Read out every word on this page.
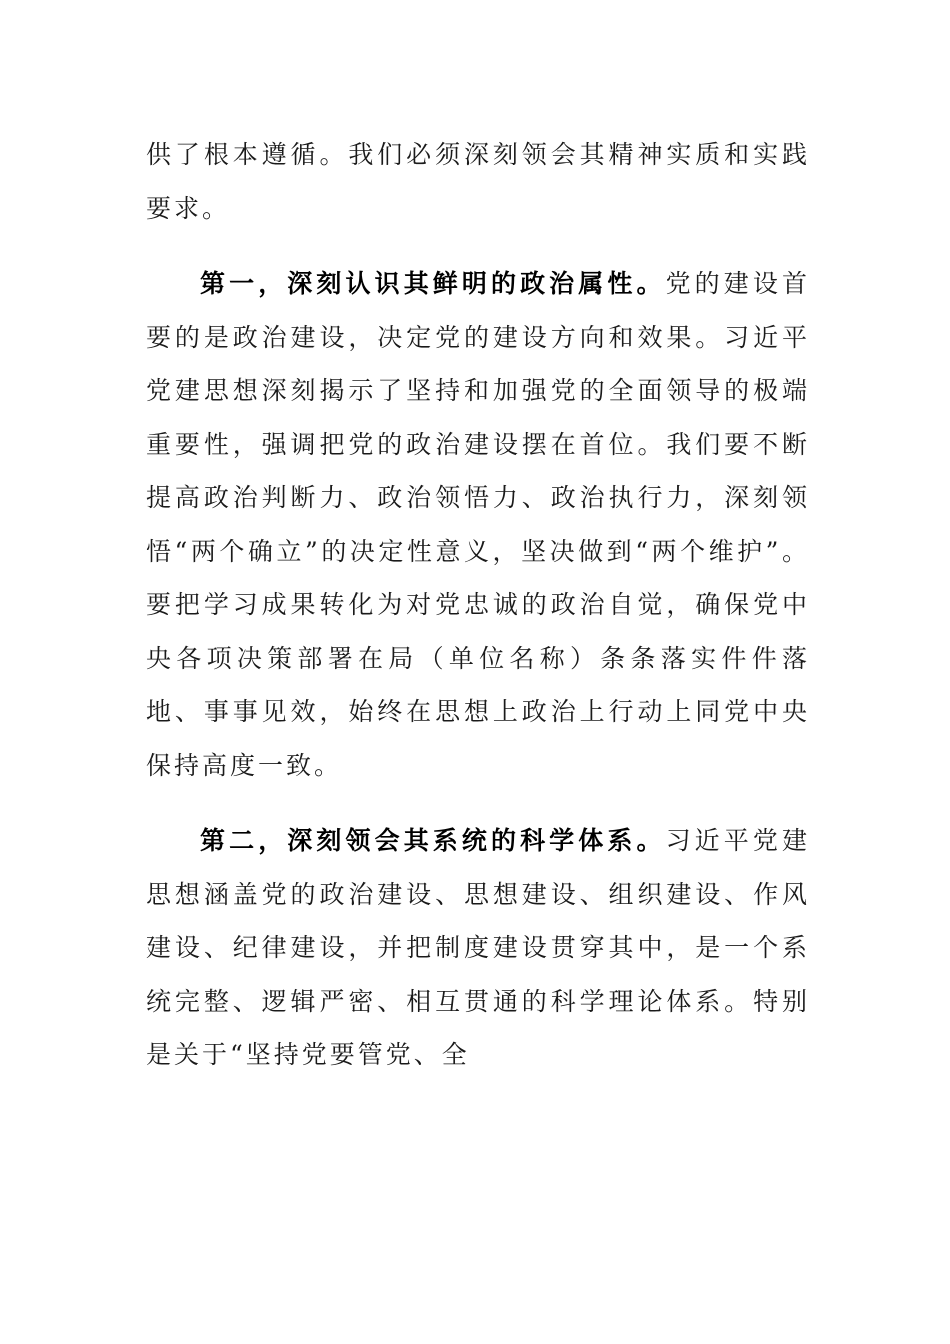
供了根本遵循。我们必须深刻领会其精神实质和实践要求。

第一，深刻认识其鲜明的政治属性。党的建设首要的是政治建设，决定党的建设方向和效果。习近平党建思想深刻揭示了坚持和加强党的全面领导的极端重要性，强调把党的政治建设摆在首位。我们要不断提高政治判断力、政治领悟力、政治执行力，深刻领悟“两个确立”的决定性意义，坚决做到“两个维护”。要把学习成果转化为对党忠诚的政治自觉，确保党中央各项决策部署在局（单位名称）条条落实件件落地、事事见效，始终在思想上政治上行动上同党中央保持高度一致。

第二，深刻领会其系统的科学体系。习近平党建思想涵盖党的政治建设、思想建设、组织建设、作风建设、纪律建设，并把制度建设贯穿其中，是一个系统完整、逻辑严密、相互贯通的科学理论体系。特别是关于“坚持党要管党、全
